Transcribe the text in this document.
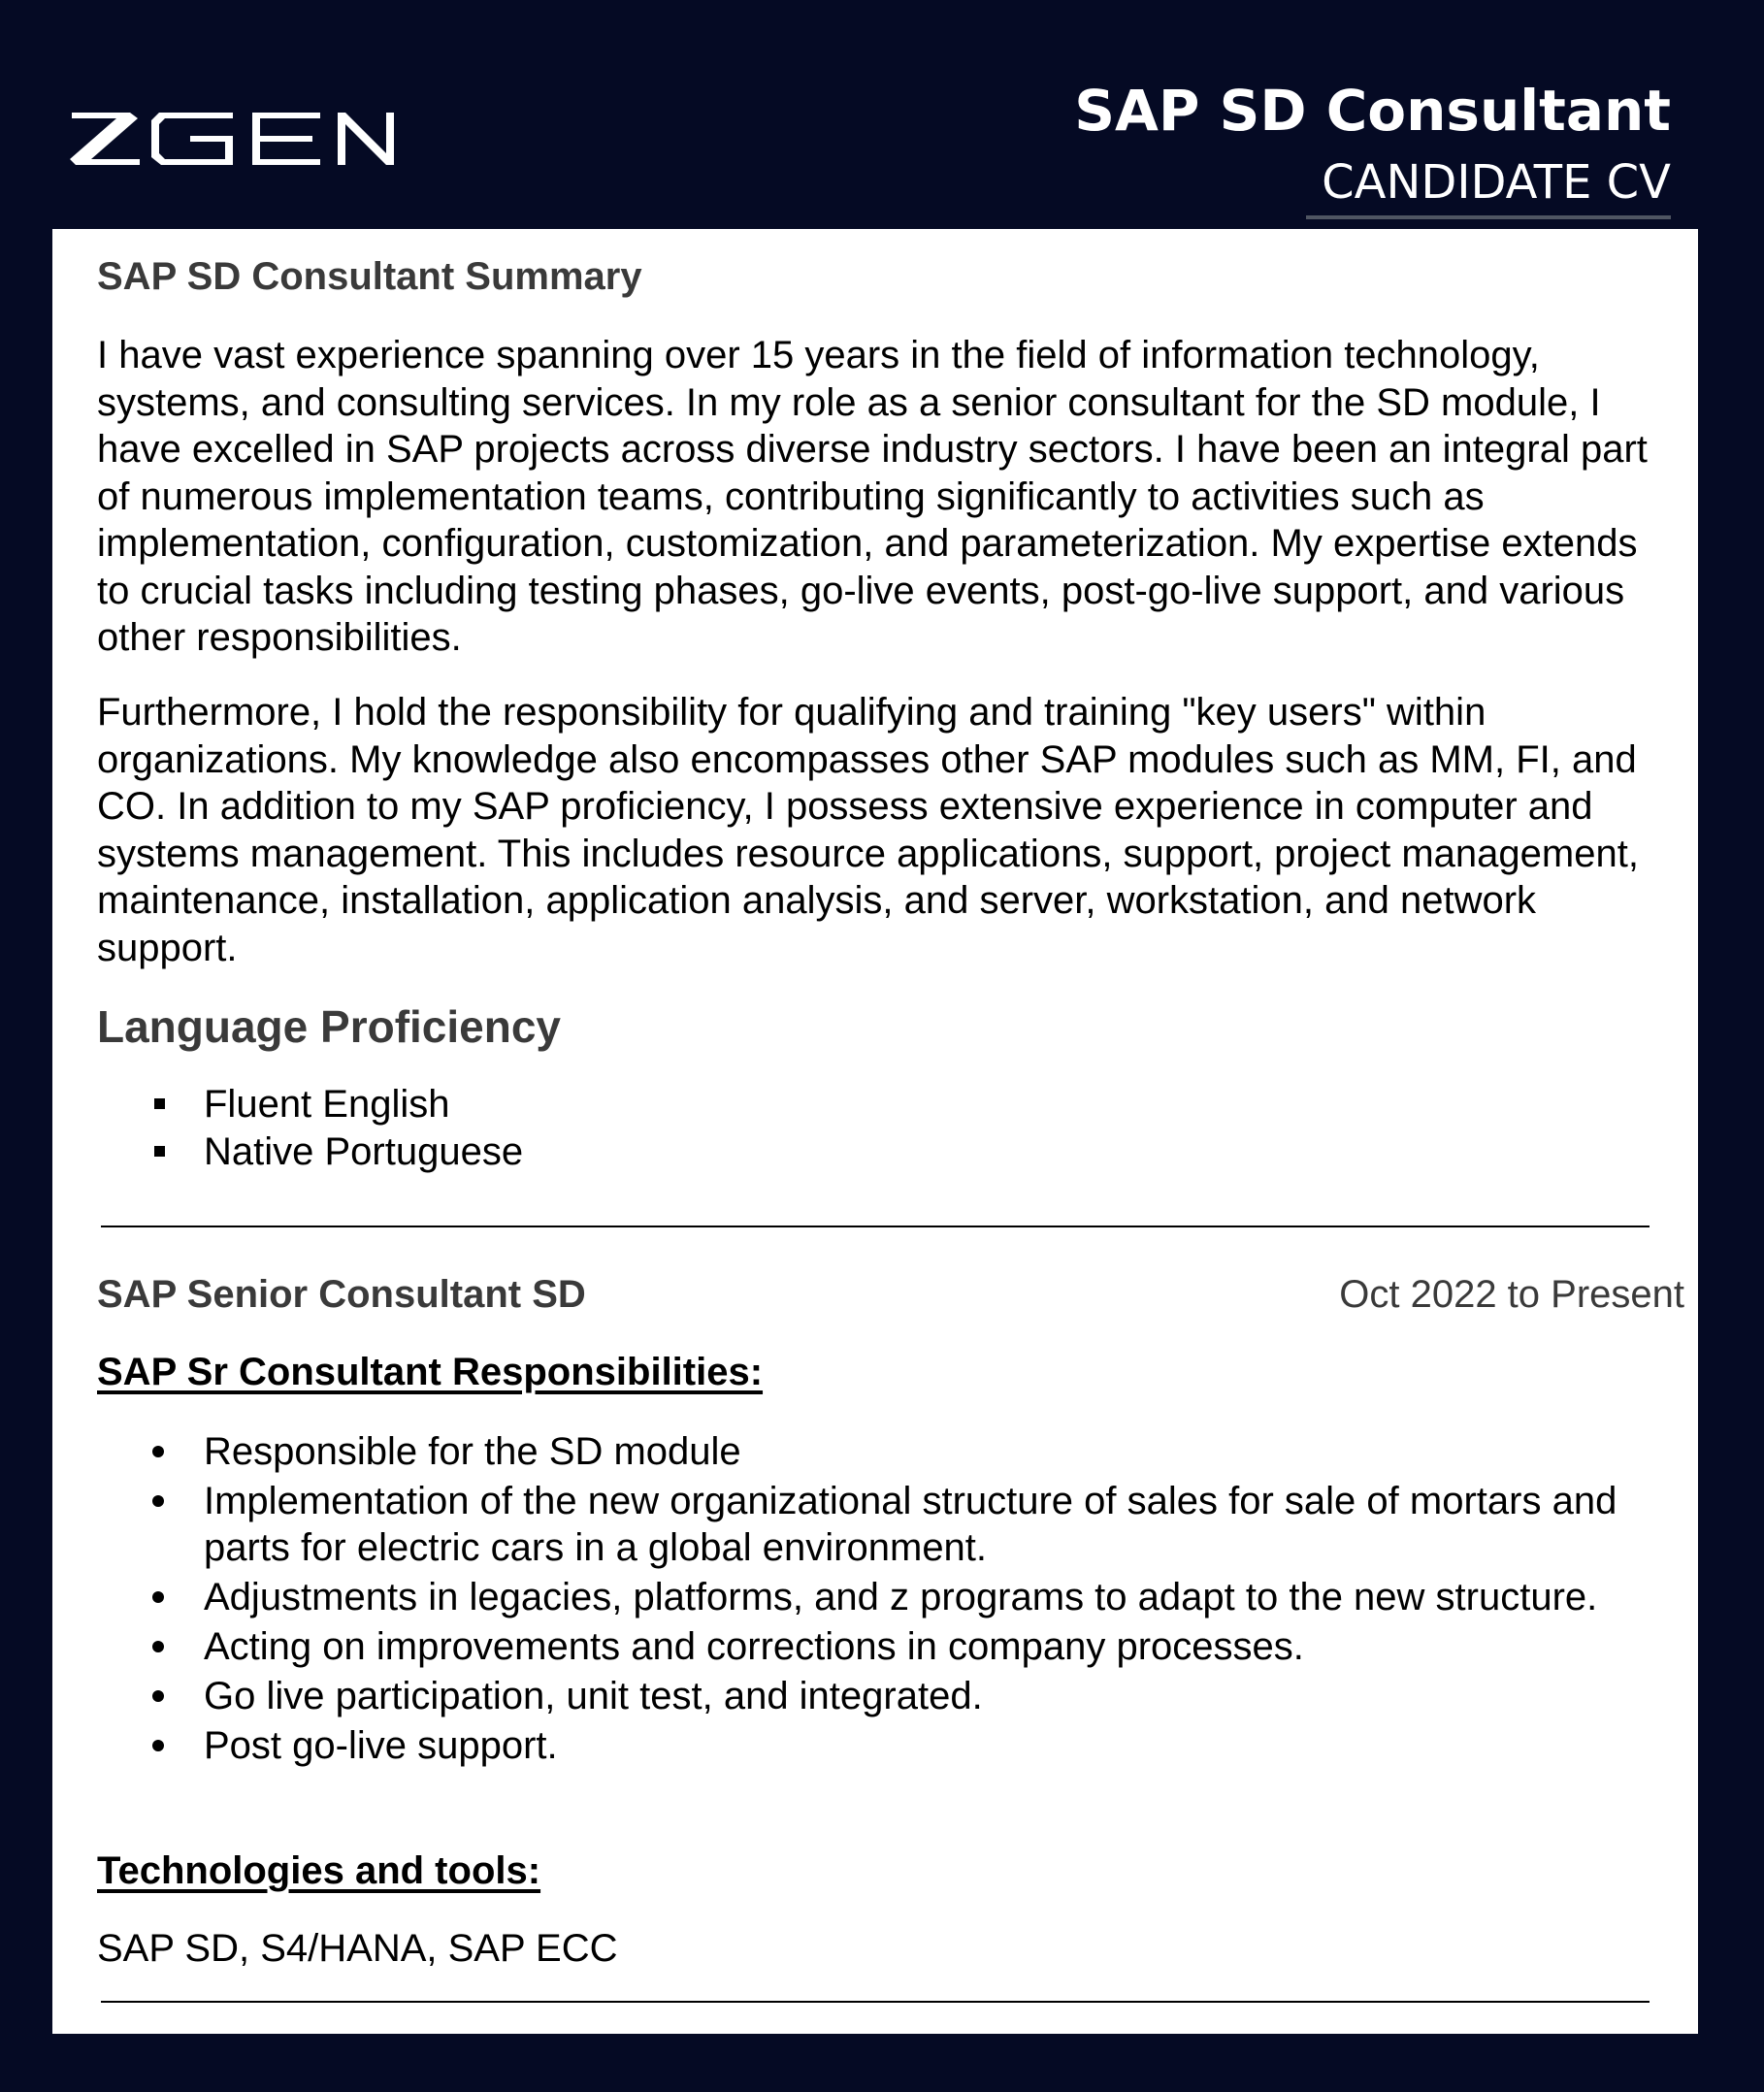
SAP SD Consultant
CANDIDATE CV
SAP SD Consultant Summary

I have vast experience spanning over 15 years in the field of information technology, systems, and consulting services. In my role as a senior consultant for the SD module, I have excelled in SAP projects across diverse industry sectors. I have been an integral part of numerous implementation teams, contributing significantly to activities such as implementation, configuration, customization, and parameterization. My expertise extends to crucial tasks including testing phases, go-live events, post-go-live support, and various other responsibilities.

Furthermore, I hold the responsibility for qualifying and training "key users" within organizations. My knowledge also encompasses other SAP modules such as MM, FI, and CO. In addition to my SAP proficiency, I possess extensive experience in computer and systems management. This includes resource applications, support, project management, maintenance, installation, application analysis, and server, workstation, and network support.

Language Proficiency
Fluent English
Native Portuguese
SAP Senior Consultant SD	Oct 2022 to Present
SAP Sr Consultant Responsibilities:
Responsible for the SD module
Implementation of the new organizational structure of sales for sale of mortars and parts for electric cars in a global environment.
Adjustments in legacies, platforms, and z programs to adapt to the new structure.
Acting on improvements and corrections in company processes.
Go live participation, unit test, and integrated.
Post go-live support.
Technologies and tools:

SAP SD, S4/HANA, SAP ECC
